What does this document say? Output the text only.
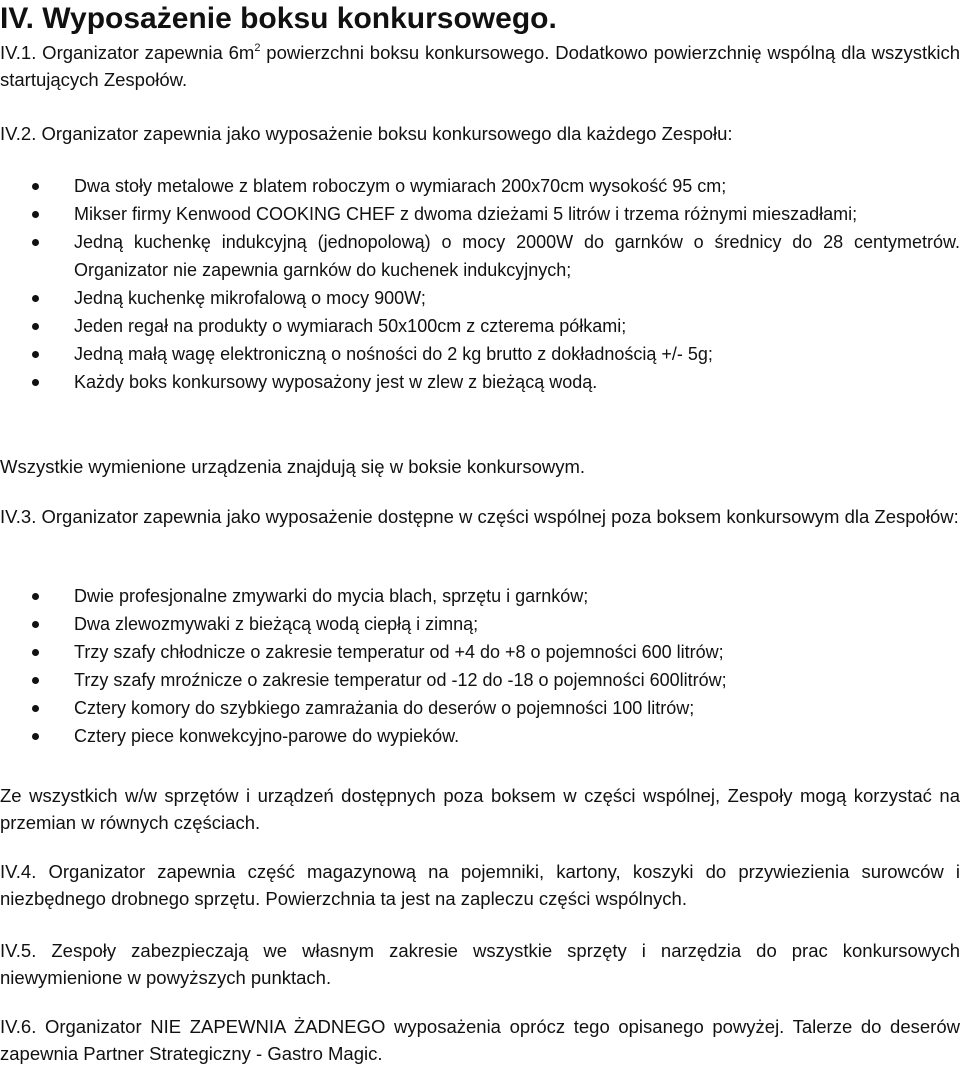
IV. Wyposażenie boksu konkursowego.
IV.1. Organizator zapewnia $6m^2$ powierzchni boksu konkursowego. Dodatkowo powierzchnię wspólną dla wszystkich startujących Zespołów.
IV.2. Organizator zapewnia jako wyposażenie boksu konkursowego dla każdego Zespołu:
Dwa stoły metalowe z blatem roboczym o wymiarach 200x70cm wysokość 95 cm;
Mikser firmy Kenwood COOKING CHEF z dwoma dzieżami 5 litrów i trzema różnymi mieszadłami;
Jedną kuchenkę indukcyjną (jednopolową) o mocy 2000W do garnków o średnicy do 28 centymetrów. Organizator nie zapewnia garnków do kuchenek indukcyjnych;
Jedną kuchenkę mikrofalową o mocy 900W;
Jeden regał na produkty o wymiarach 50x100cm z czterema półkami;
Jedną małą wagę elektroniczną o nośności do 2 kg brutto z dokładnością +/- 5g;
Każdy boks konkursowy wyposażony jest w zlew z bieżącą wodą.
Wszystkie wymienione urządzenia znajdują się w boksie konkursowym.
IV.3. Organizator zapewnia jako wyposażenie dostępne w części wspólnej poza boksem konkursowym dla Zespołów:
Dwie profesjonalne zmywarki do mycia blach, sprzętu i garnków;
Dwa zlewozmywaki z bieżącą wodą ciepłą i zimną;
Trzy szafy chłodnicze o zakresie temperatur od +4 do +8 o pojemności 600 litrów;
Trzy szafy mroźnicze o zakresie temperatur od -12 do -18 o pojemności 600litrów;
Cztery komory do szybkiego zamrażania do deserów o pojemności 100 litrów;
Cztery piece konwekcyjno-parowe do wypieków.
Ze wszystkich w/w sprzętów i urządzeń dostępnych poza boksem w części wspólnej, Zespoły mogą korzystać na przemian w równych częściach.
IV.4. Organizator zapewnia część magazynową na pojemniki, kartony, koszyki do przywiezienia surowców i niezbędnego drobnego sprzętu. Powierzchnia ta jest na zapleczu części wspólnych.
IV.5. Zespoły zabezpieczają we własnym zakresie wszystkie sprzęty i narzędzia do prac konkursowych niewymienione w powyższych punktach.
IV.6. Organizator NIE ZAPEWNIA ŻADNEGO wyposażenia oprócz tego opisanego powyżej. Talerze do deserów zapewnia Partner Strategiczny - Gastro Magic.
